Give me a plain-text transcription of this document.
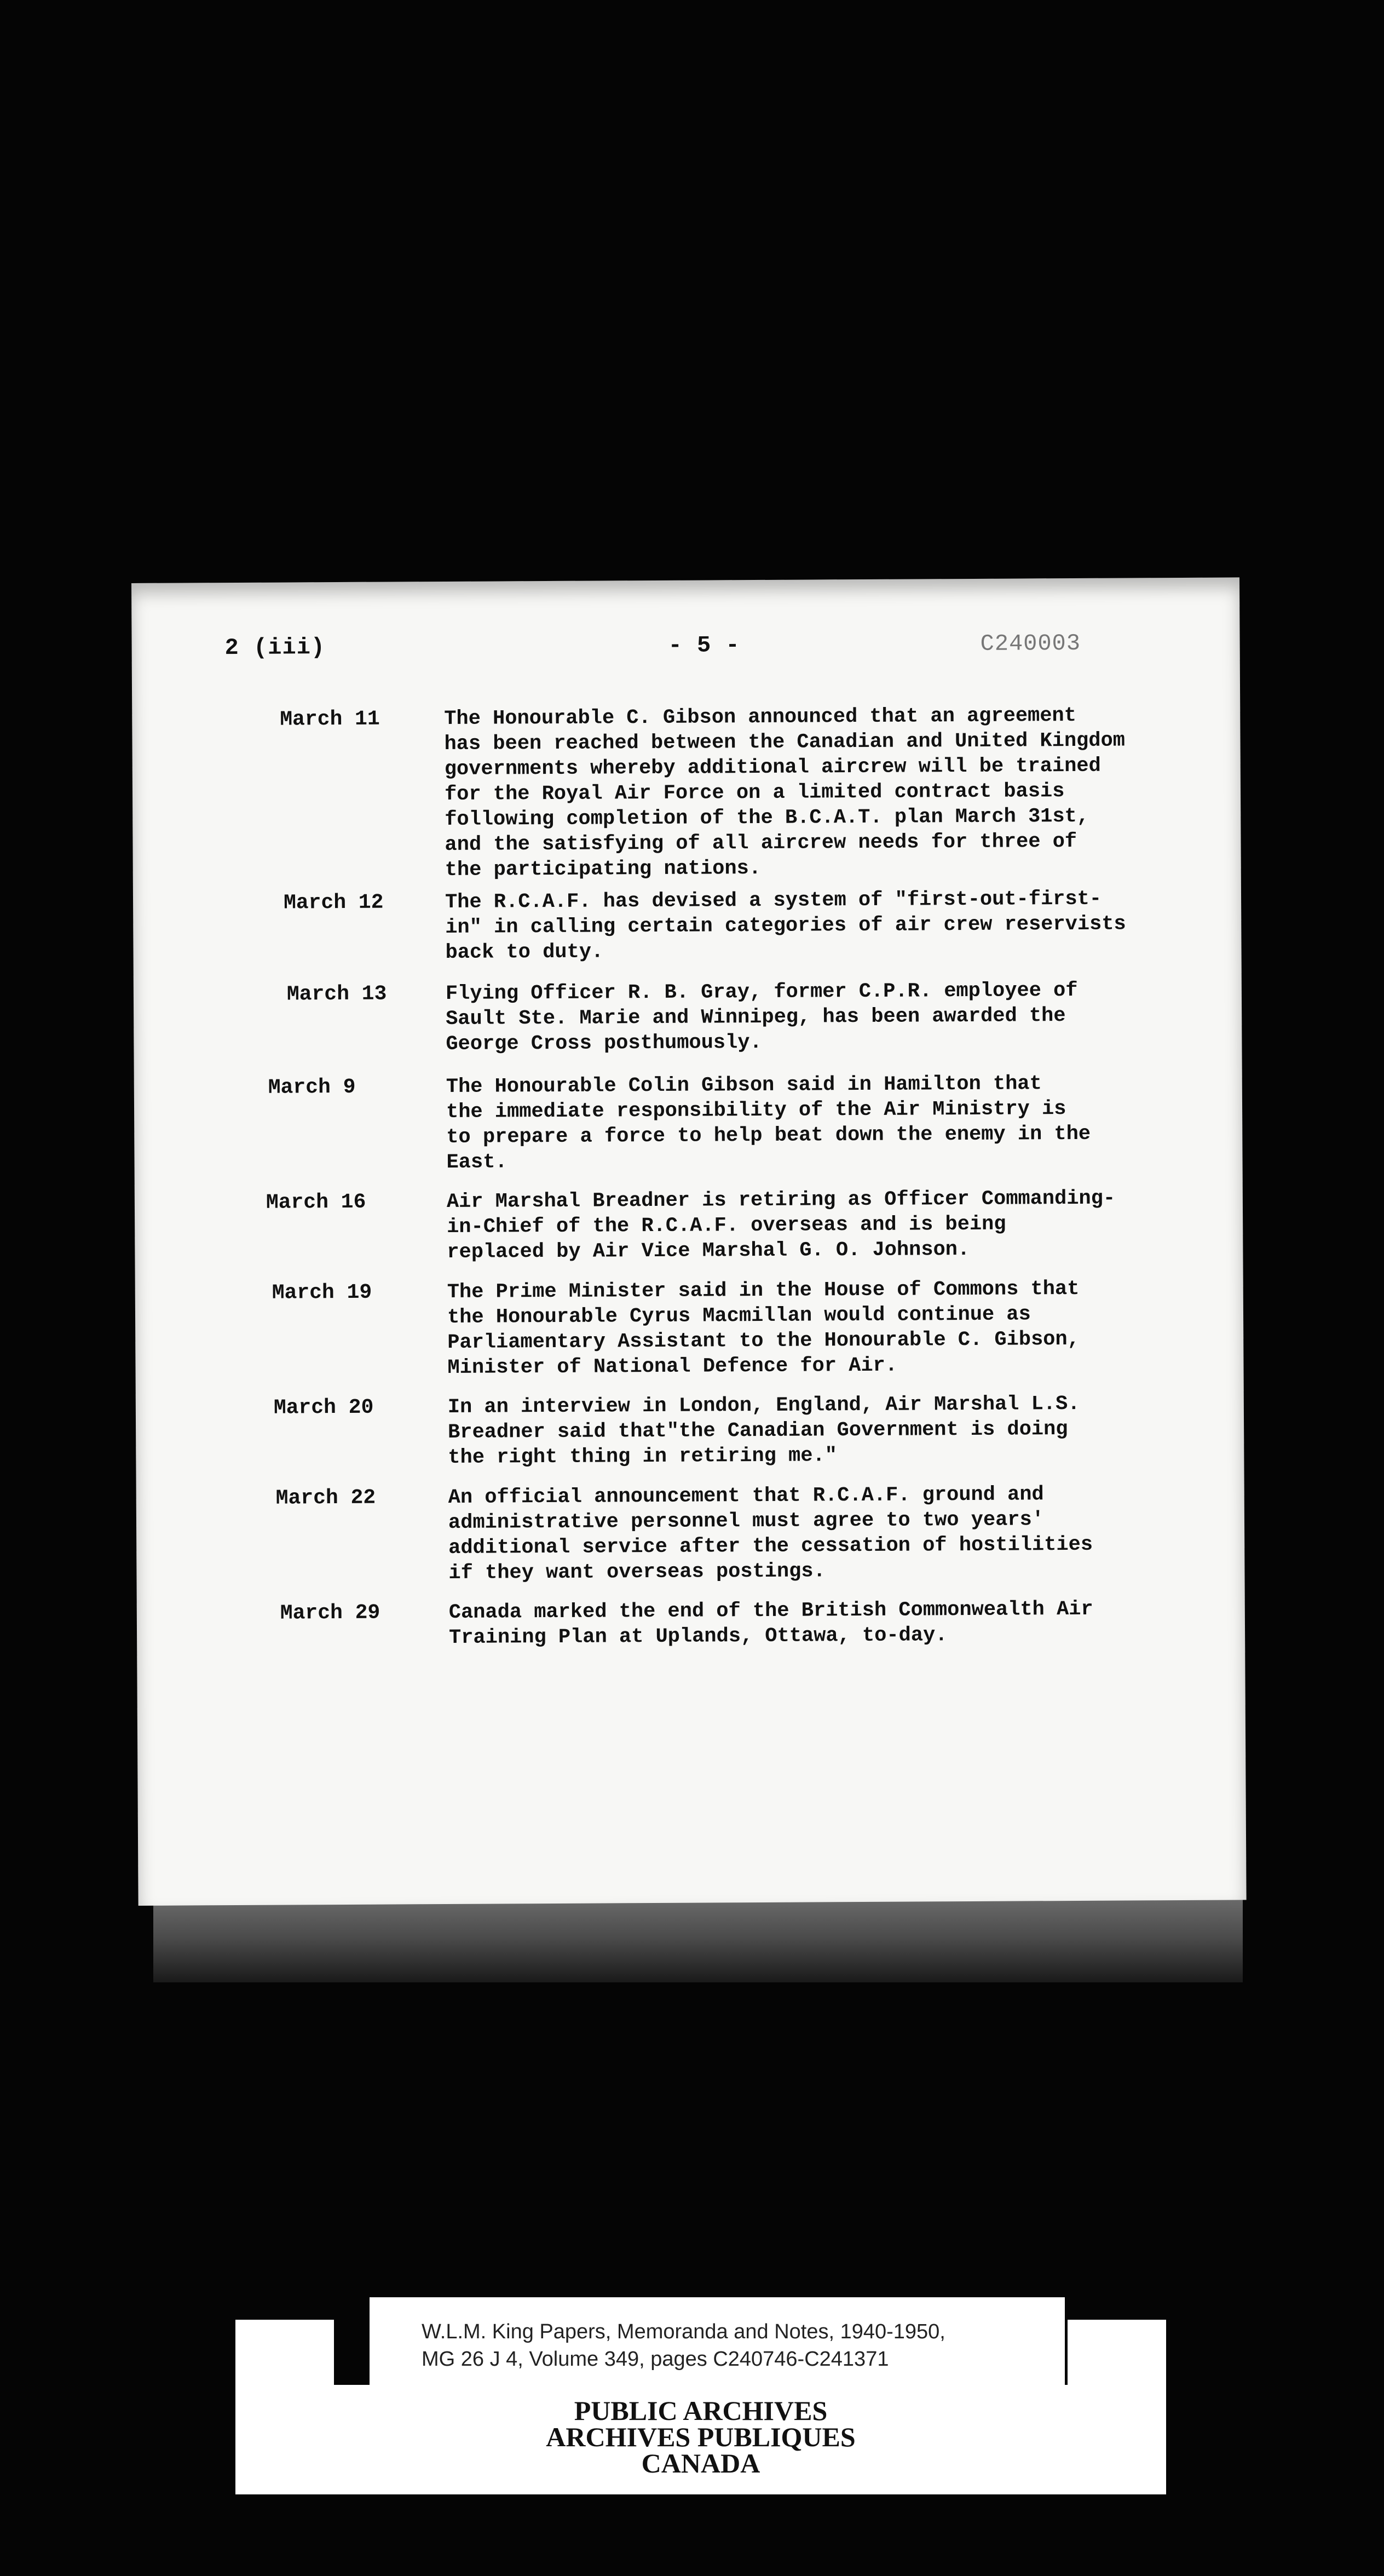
2 (iii)	- 5 -	C240003
March 11	The Honourable C. Gibson announced that an agreement
has been reached between the Canadian and United Kingdom
governments whereby additional aircrew will be trained
for the Royal Air Force on a limited contract basis
following completion of the B.C.A.T. plan March 31st,
and the satisfying of all aircrew needs for three of
the participating nations.
March 12	The R.C.A.F. has devised a system of "first-out-first-
in" in calling certain categories of air crew reservists
back to duty.
March 13	Flying Officer R. B. Gray, former C.P.R. employee of
Sault Ste. Marie and Winnipeg, has been awarded the
George Cross posthumously.
March 9	The Honourable Colin Gibson said in Hamilton that
the immediate responsibility of the Air Ministry is
to prepare a force to help beat down the enemy in the
East.
March 16	Air Marshal Breadner is retiring as Officer Commanding-
in-Chief of the R.C.A.F. overseas and is being
replaced by Air Vice Marshal G. O. Johnson.
March 19	The Prime Minister said in the House of Commons that
the Honourable Cyrus Macmillan would continue as
Parliamentary Assistant to the Honourable C. Gibson,
Minister of National Defence for Air.
March 20	In an interview in London, England, Air Marshal L.S.
Breadner said that"the Canadian Government is doing
the right thing in retiring me."
March 22	An official announcement that R.C.A.F. ground and
administrative personnel must agree to two years'
additional service after the cessation of hostilities
if they want overseas postings.
March 29	Canada marked the end of the British Commonwealth Air
Training Plan at Uplands, Ottawa, to-day.
W.L.M. King Papers, Memoranda and Notes, 1940-1950,
MG 26 J 4, Volume 349, pages C240746-C241371
PUBLIC ARCHIVES
ARCHIVES PUBLIQUES
CANADA
